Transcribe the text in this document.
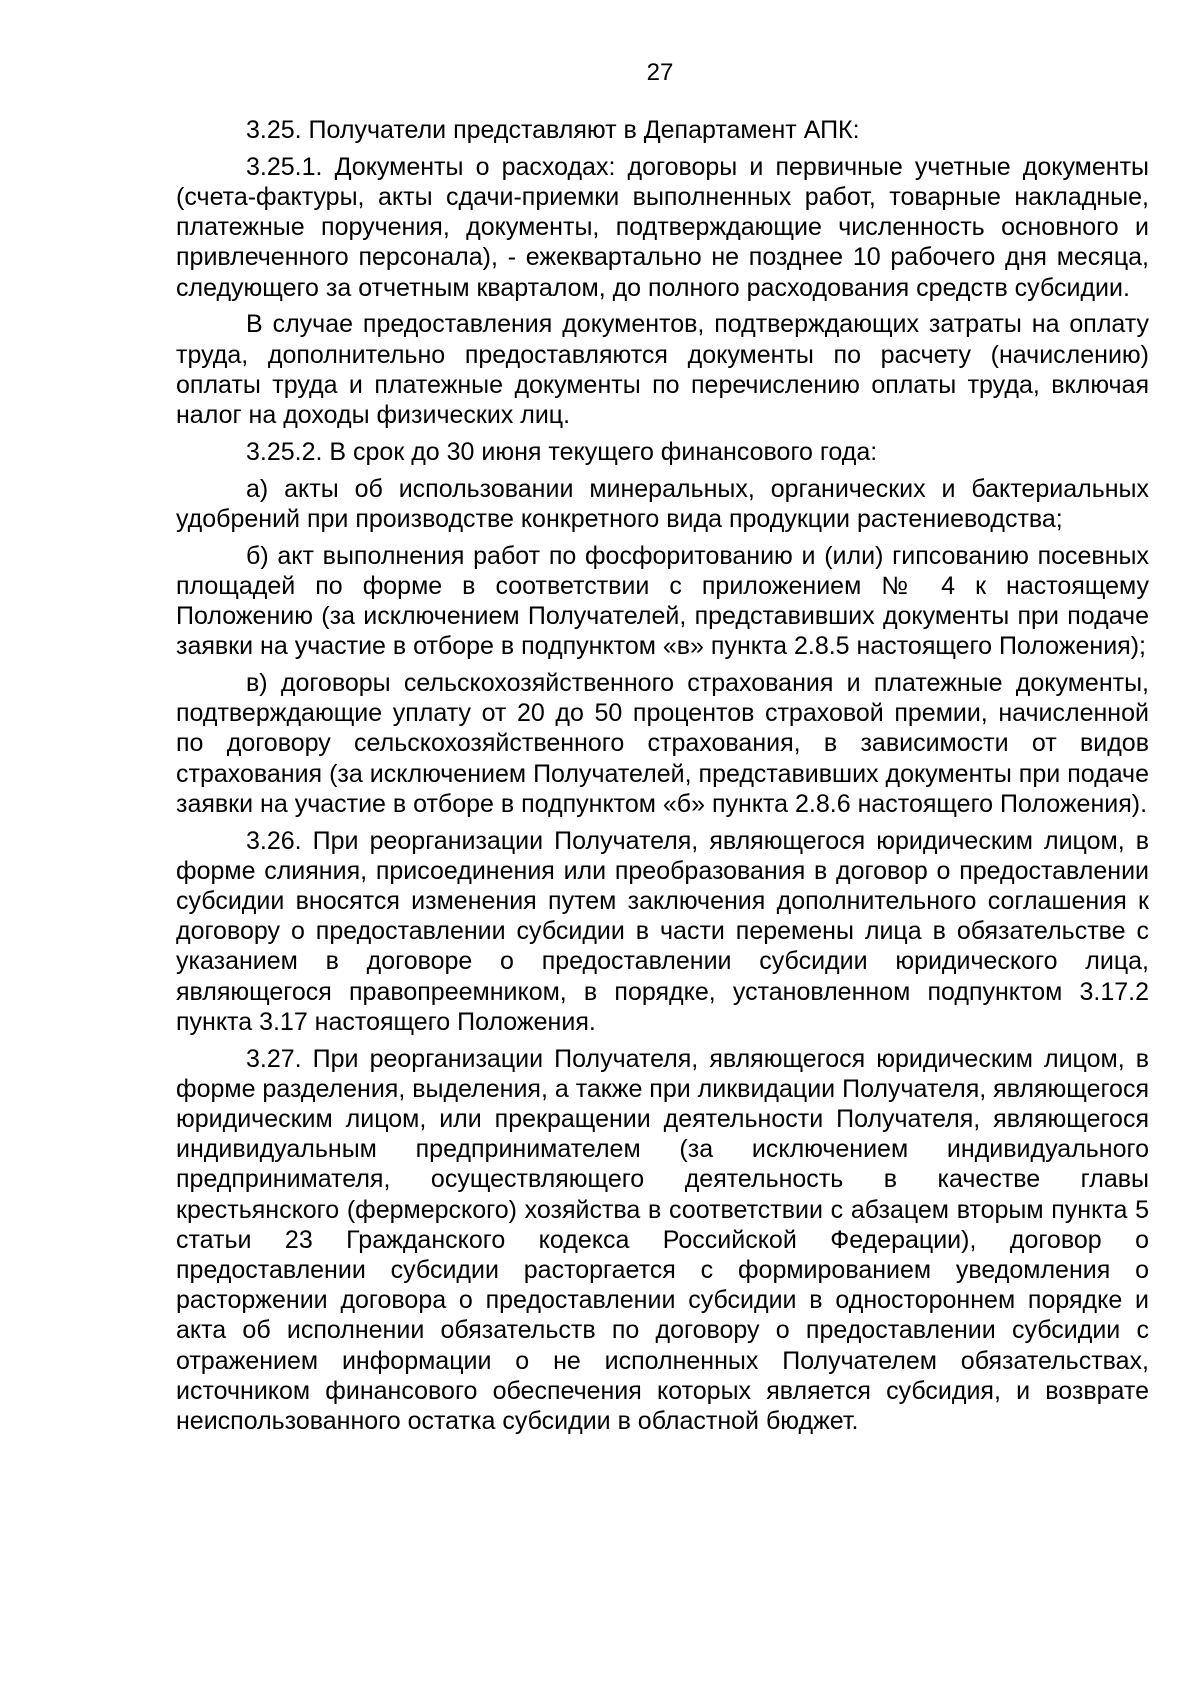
27

3.25. Получатели представляют в Департамент АПК:

3.25.1. Документы о расходах: договоры и первичные учетные документы (счета-фактуры, акты сдачи-приемки выполненных работ, товарные накладные, платежные поручения, документы, подтверждающие численность основного и привлеченного персонала), - ежеквартально не позднее 10 рабочего дня месяца, следующего за отчетным кварталом, до полного расходования средств субсидии.

В случае предоставления документов, подтверждающих затраты на оплату труда, дополнительно предоставляются документы по расчету (начислению) оплаты труда и платежные документы по перечислению оплаты труда, включая налог на доходы физических лиц.

3.25.2. В срок до 30 июня текущего финансового года:

а) акты об использовании минеральных, органических и бактериальных удобрений при производстве конкретного вида продукции растениеводства;

б) акт выполнения работ по фосфоритованию и (или) гипсованию посевных площадей по форме в соответствии с приложением № 4 к настоящему Положению (за исключением Получателей, представивших документы при подаче заявки на участие в отборе в подпунктом «в» пункта 2.8.5 настоящего Положения);

в) договоры сельскохозяйственного страхования и платежные документы, подтверждающие уплату от 20 до 50 процентов страховой премии, начисленной по договору сельскохозяйственного страхования, в зависимости от видов страхования (за исключением Получателей, представивших документы при подаче заявки на участие в отборе в подпунктом «б» пункта 2.8.6 настоящего Положения).

3.26. При реорганизации Получателя, являющегося юридическим лицом, в форме слияния, присоединения или преобразования в договор о предоставлении субсидии вносятся изменения путем заключения дополнительного соглашения к договору о предоставлении субсидии в части перемены лица в обязательстве с указанием в договоре о предоставлении субсидии юридического лица, являющегося правопреемником, в порядке, установленном подпунктом 3.17.2 пункта 3.17 настоящего Положения.

3.27. При реорганизации Получателя, являющегося юридическим лицом, в форме разделения, выделения, а также при ликвидации Получателя, являющегося юридическим лицом, или прекращении деятельности Получателя, являющегося индивидуальным предпринимателем (за исключением индивидуального предпринимателя, осуществляющего деятельность в качестве главы крестьянского (фермерского) хозяйства в соответствии с абзацем вторым пункта 5 статьи 23 Гражданского кодекса Российской Федерации), договор о предоставлении субсидии расторгается с формированием уведомления о расторжении договора о предоставлении субсидии в одностороннем порядке и акта об исполнении обязательств по договору о предоставлении субсидии с отражением информации о не исполненных Получателем обязательствах, источником финансового обеспечения которых является субсидия, и возврате неиспользованного остатка субсидии в областной бюджет.
